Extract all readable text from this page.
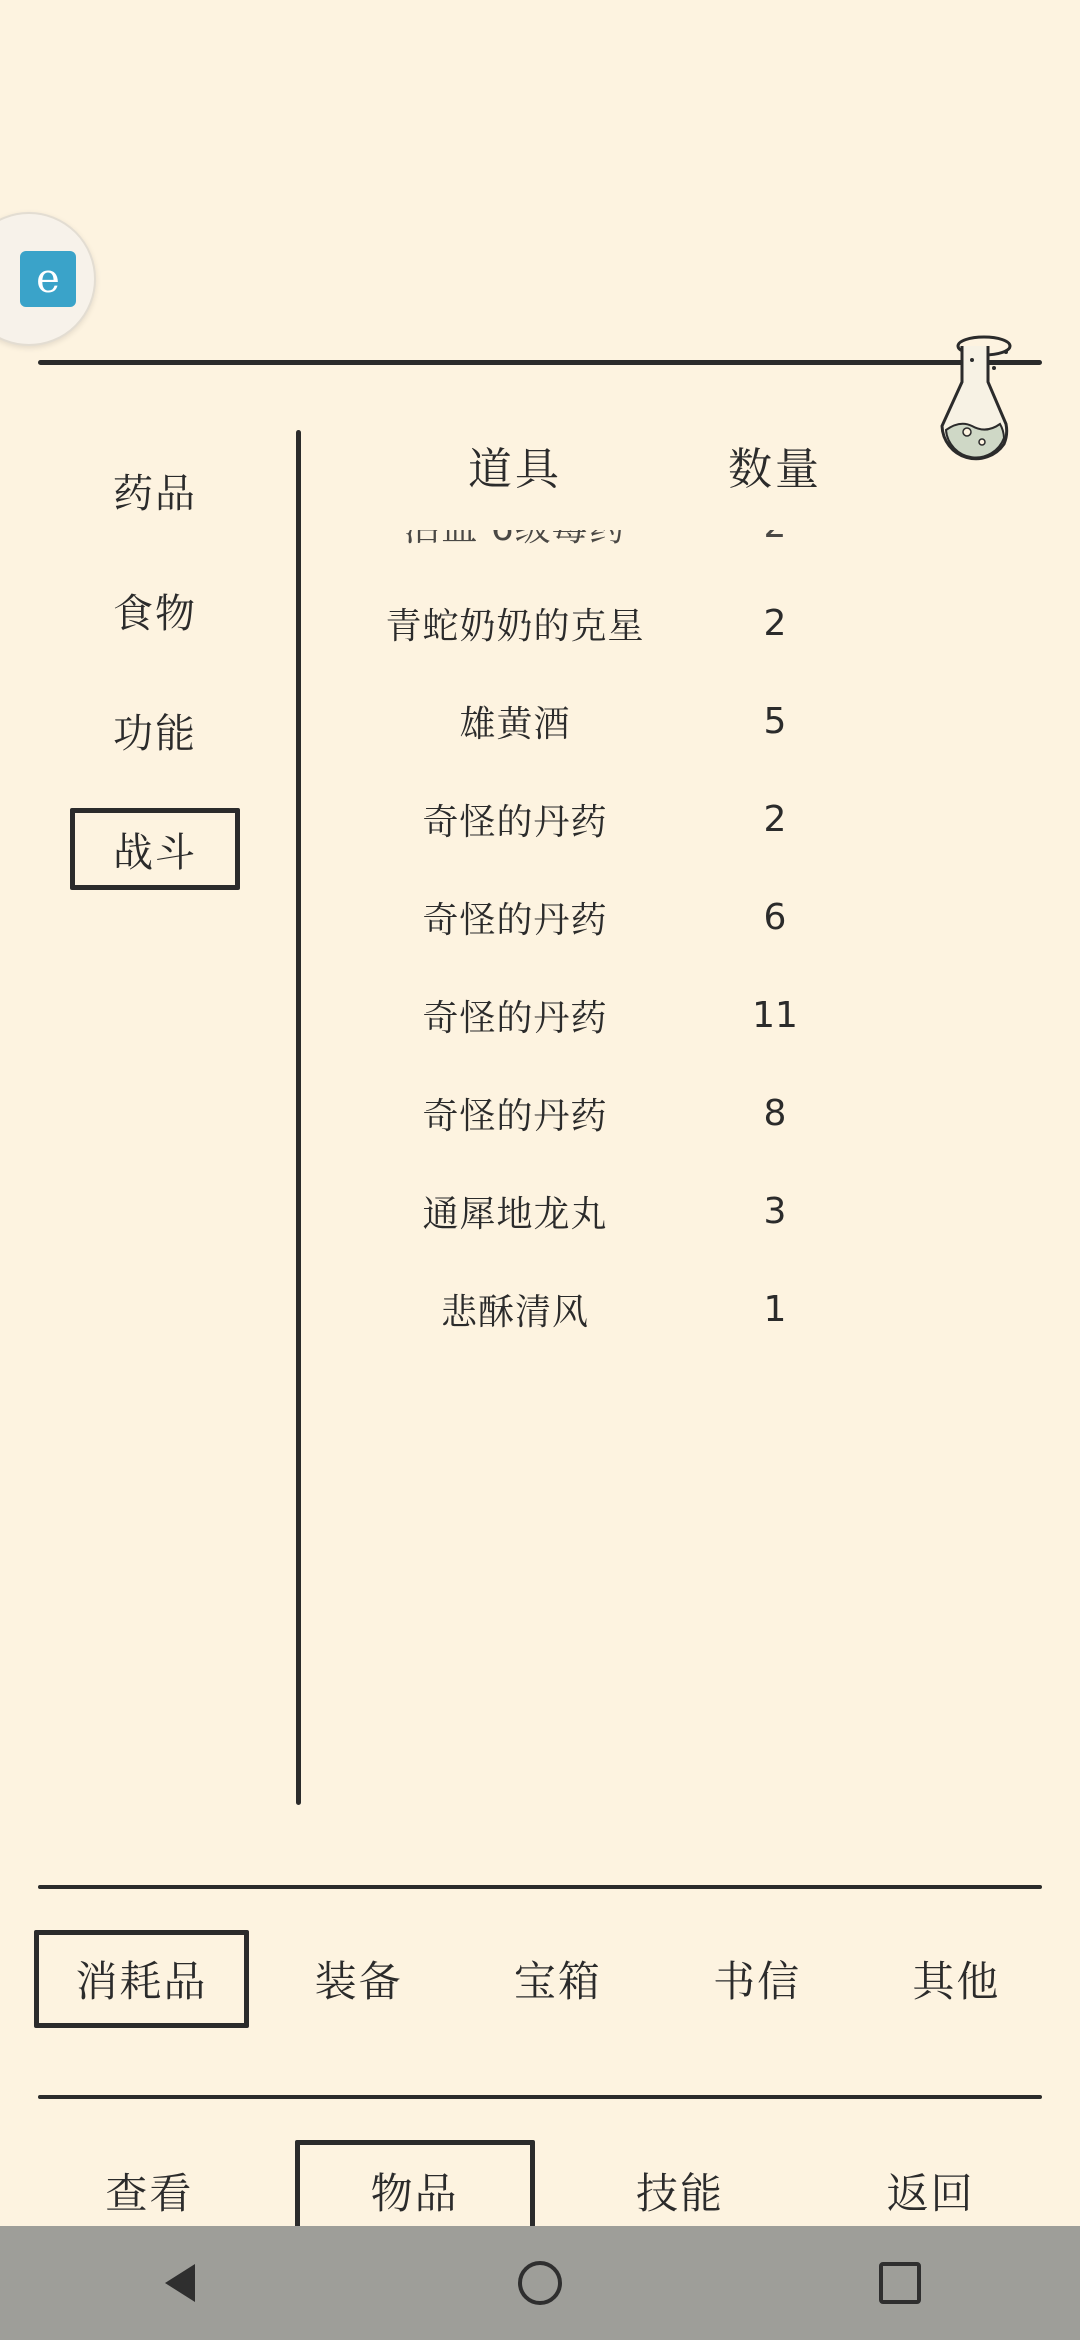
e
药品
食物
功能
战斗
道具	数量
青蛇奶奶的克星	2
雄黄酒	5
奇怪的丹药	2
奇怪的丹药	6
奇怪的丹药	11
奇怪的丹药	8
通犀地龙丸	3
悲酥清风	1
消耗品	装备	宝箱	书信	其他
查看	物品	技能	返回
